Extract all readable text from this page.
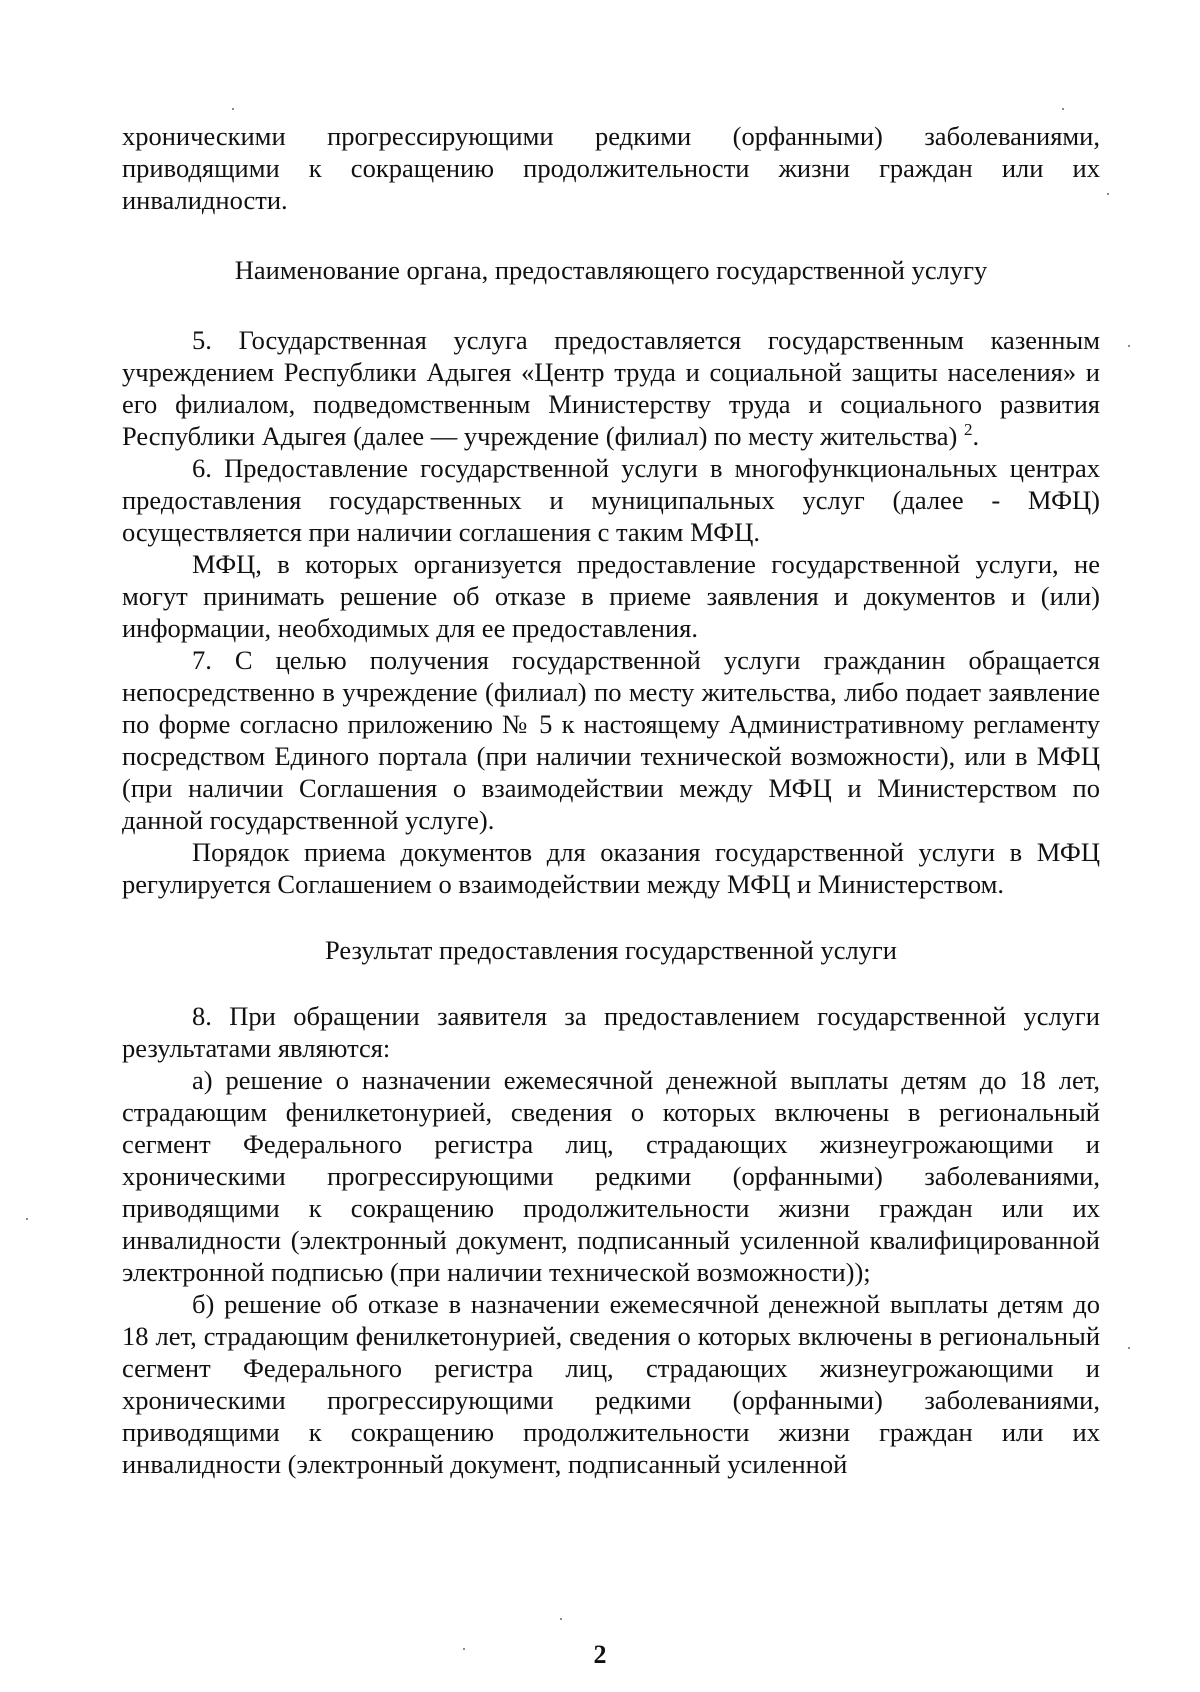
хроническими прогрессирующими редкими (орфанными) заболеваниями, приводящими к сокращению продолжительности жизни граждан или их инвалидности.

Наименование органа, предоставляющего государственной услугу

5. Государственная услуга предоставляется государственным казенным учреждением Республики Адыгея «Центр труда и социальной защиты населения» и его филиалом, подведомственным Министерству труда и социального развития Республики Адыгея (далее — учреждение (филиал) по месту жительства) $^2$.

6. Предоставление государственной услуги в многофункциональных центрах предоставления государственных и муниципальных услуг (далее - МФЦ) осуществляется при наличии соглашения с таким МФЦ.

МФЦ, в которых организуется предоставление государственной услуги, не могут принимать решение об отказе в приеме заявления и документов и (или) информации, необходимых для ее предоставления.

7. С целью получения государственной услуги гражданин обращается непосредственно в учреждение (филиал) по месту жительства, либо подает заявление по форме согласно приложению № 5 к настоящему Административному регламенту посредством Единого портала (при наличии технической возможности), или в МФЦ (при наличии Соглашения о взаимодействии между МФЦ и Министерством по данной государственной услуге).

Порядок приема документов для оказания государственной услуги в МФЦ регулируется Соглашением о взаимодействии между МФЦ и Министерством.

Результат предоставления государственной услуги

8. При обращении заявителя за предоставлением государственной услуги результатами являются:

а) решение о назначении ежемесячной денежной выплаты детям до 18 лет, страдающим фенилкетонурией, сведения о которых включены в региональный сегмент Федерального регистра лиц, страдающих жизнеугрожающими и хроническими прогрессирующими редкими (орфанными) заболеваниями, приводящими к сокращению продолжительности жизни граждан или их инвалидности (электронный документ, подписанный усиленной квалифицированной электронной подписью (при наличии технической возможности));

б) решение об отказе в назначении ежемесячной денежной выплаты детям до 18 лет, страдающим фенилкетонурией, сведения о которых включены в региональный сегмент Федерального регистра лиц, страдающих жизнеугрожающими и хроническими прогрессирующими редкими (орфанными) заболеваниями, приводящими к сокращению продолжительности жизни граждан или их инвалидности (электронный документ, подписанный усиленной

2
